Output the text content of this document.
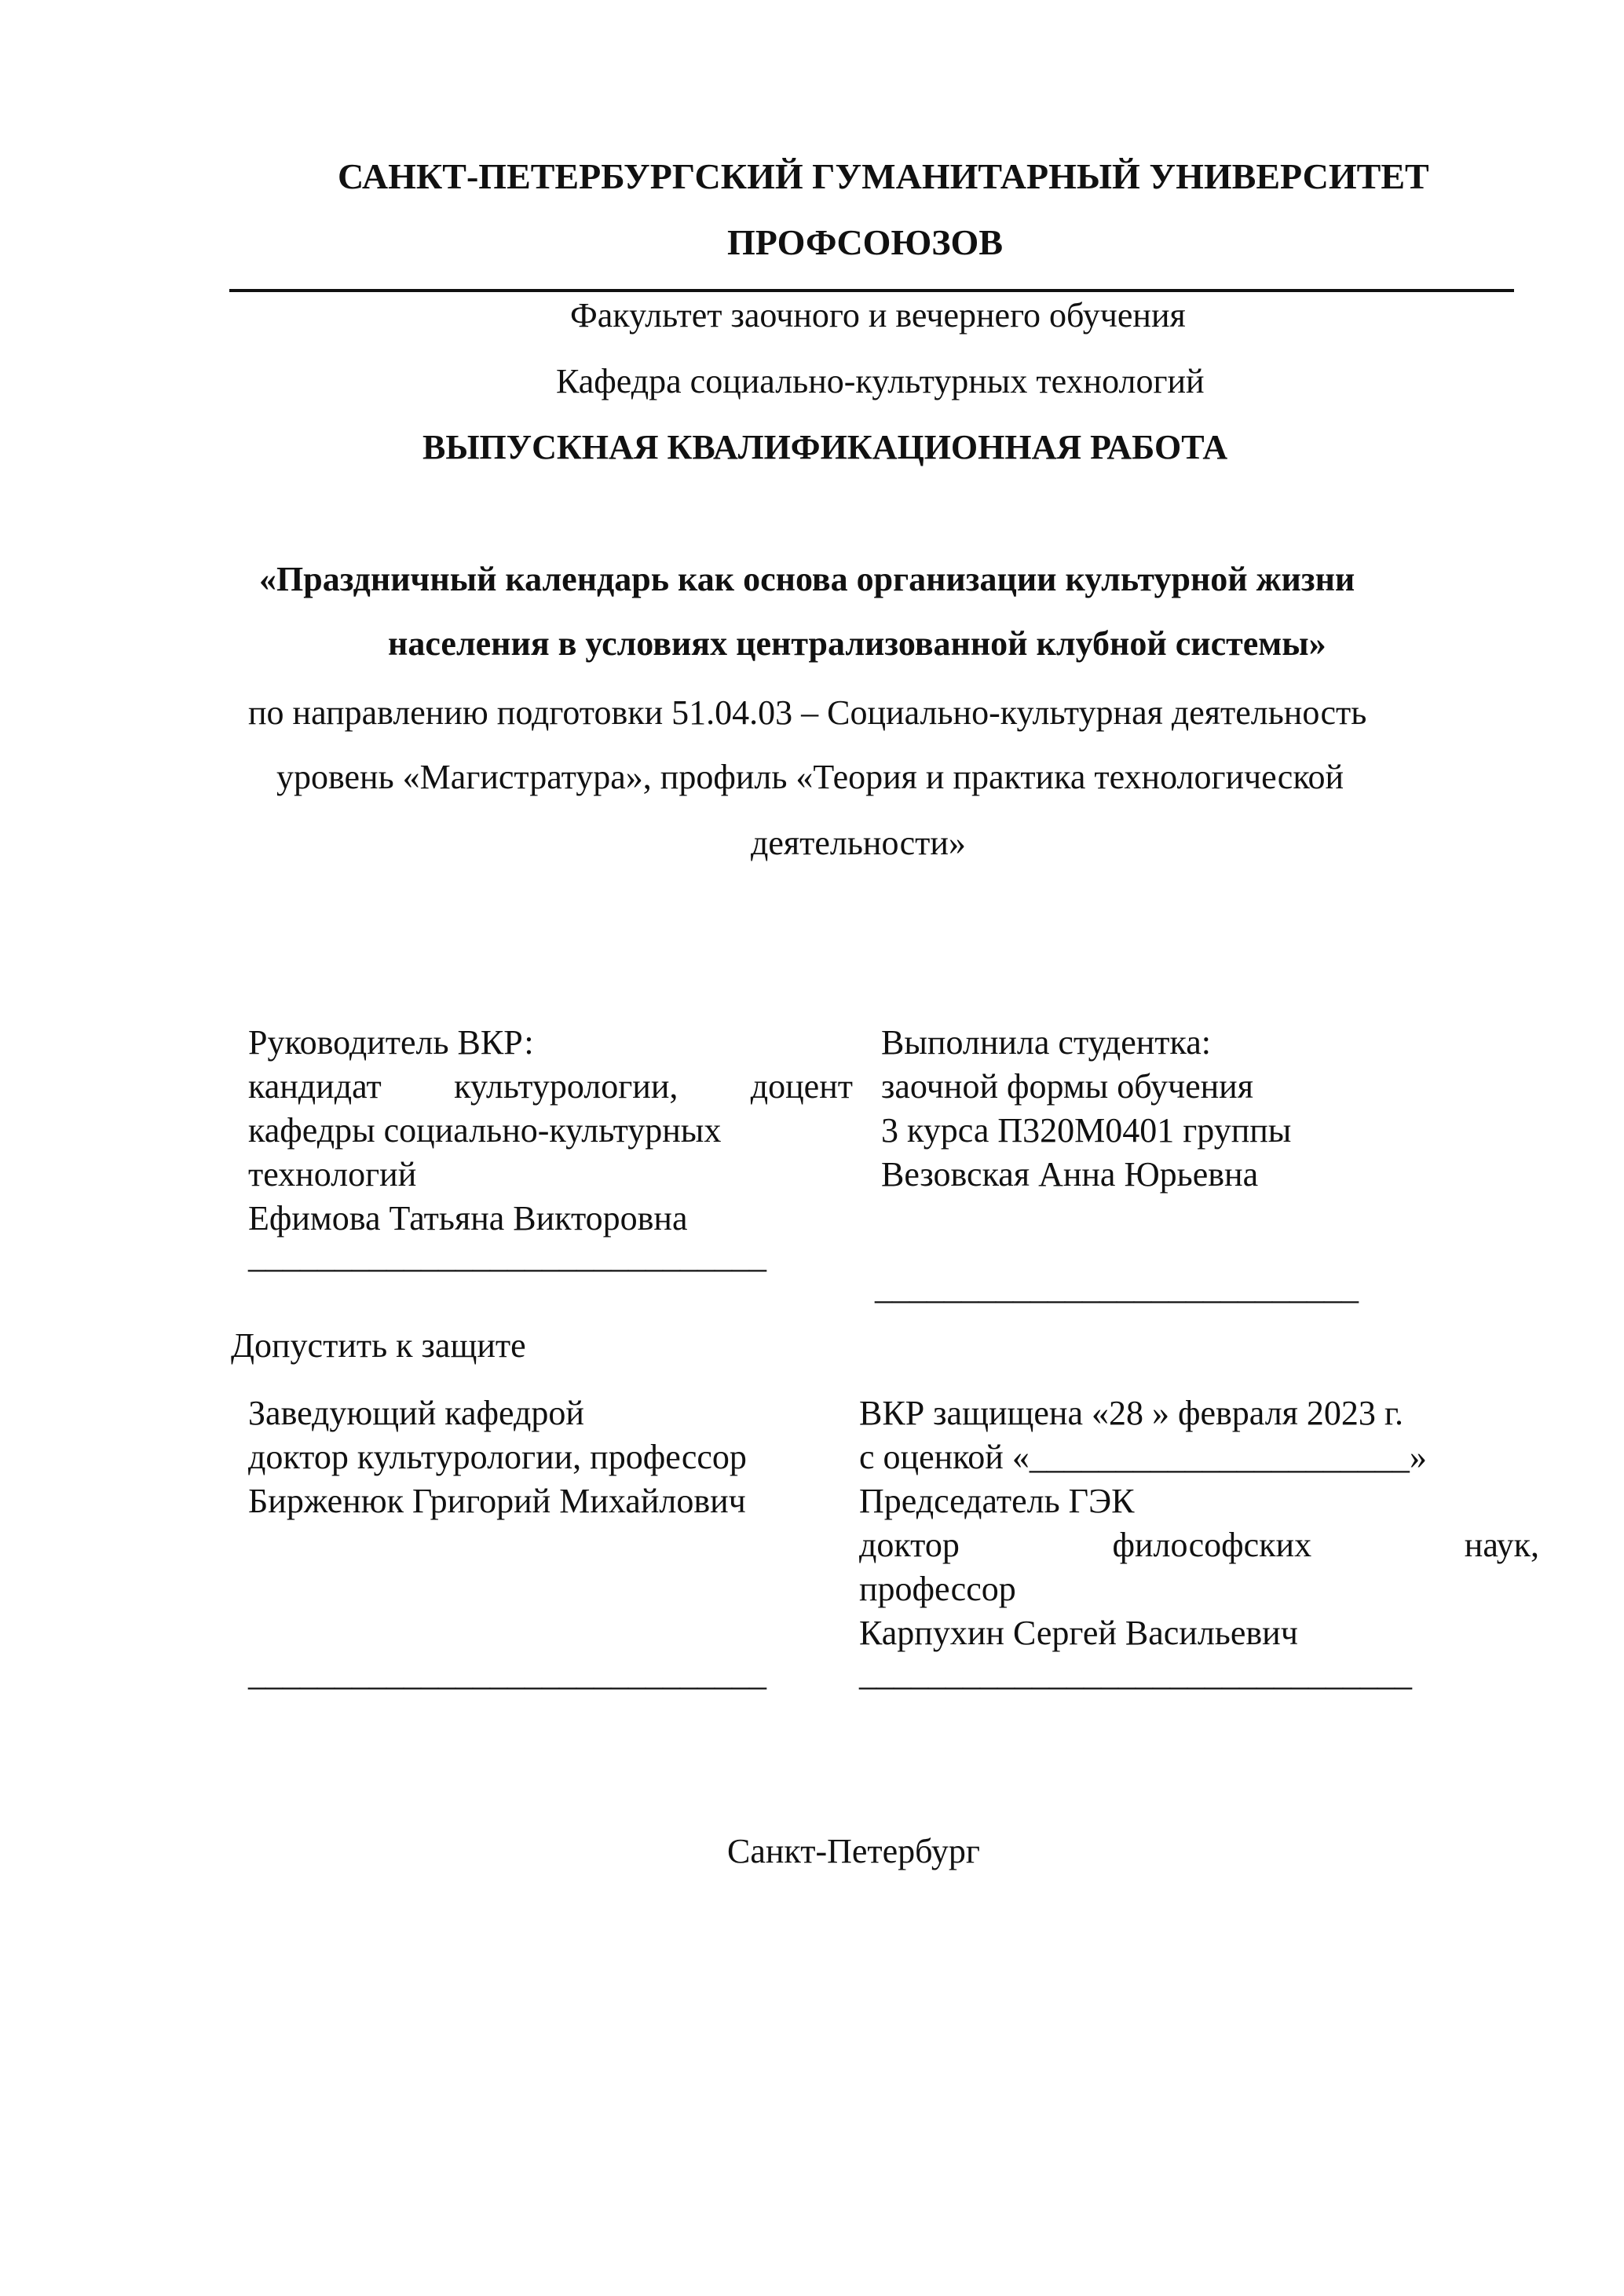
САНКТ-ПЕТЕРБУРГСКИЙ ГУМАНИТАРНЫЙ УНИВЕРСИТЕТ
ПРОФСОЮЗОВ
Факультет заочного и вечернего обучения
Кафедра социально-культурных технологий
ВЫПУСКНАЯ КВАЛИФИКАЦИОННАЯ РАБОТА
«Праздничный календарь как основа организации культурной жизни
населения в условиях централизованной клубной системы»
по направлению подготовки 51.04.03 – Социально-культурная деятельность
уровень «Магистратура», профиль «Теория и практика технологической
деятельности»
Руководитель ВКР:
кандидат культурологии, доцент
кафедры социально-культурных
технологий
Ефимова Татьяна Викторовна
______________________________
Выполнила студентка:
заочной формы обучения
3 курса П320М0401 группы
Везовская Анна Юрьевна
____________________________
Допустить к защите
Заведующий кафедрой
доктор культурологии, профессор
Бирженюк Григорий Михайлович
______________________________
ВКР защищена «28 » февраля 2023 г.
с оценкой «______________________»
Председатель ГЭК
доктор	философских	наук,
профессор
Карпухин Сергей Васильевич
________________________________
Санкт-Петербург
